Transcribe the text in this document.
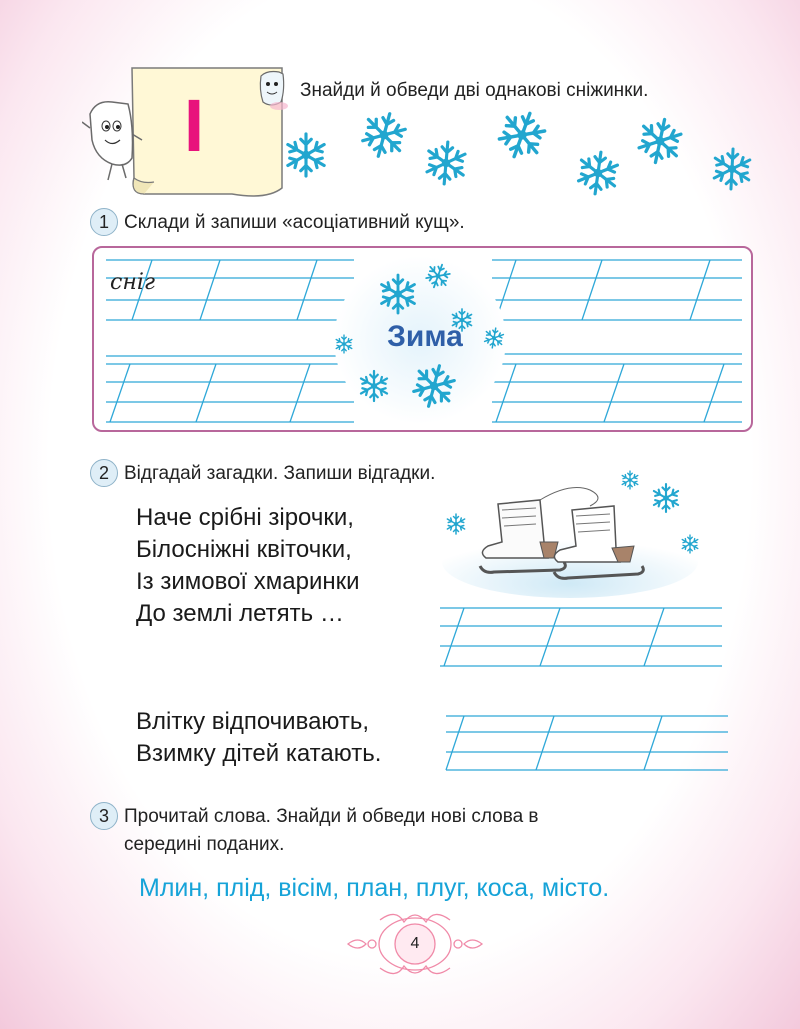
І	Знайди й обведи дві однакові сніжинки.
1 Склади й запиши «асоціативний кущ».
сніг
Зима
2 Відгадай загадки. Запиши відгадки.
Наче срібні зірочки,
Білосніжні квіточки,
Із зимової хмаринки
До землі летять …
Влітку відпочивають,
Взимку дітей катають.
3 Прочитай слова. Знайди й обведи нові слова в
середині поданих.
Млин, плід, вісім, план, плуг, коса, місто.
4
